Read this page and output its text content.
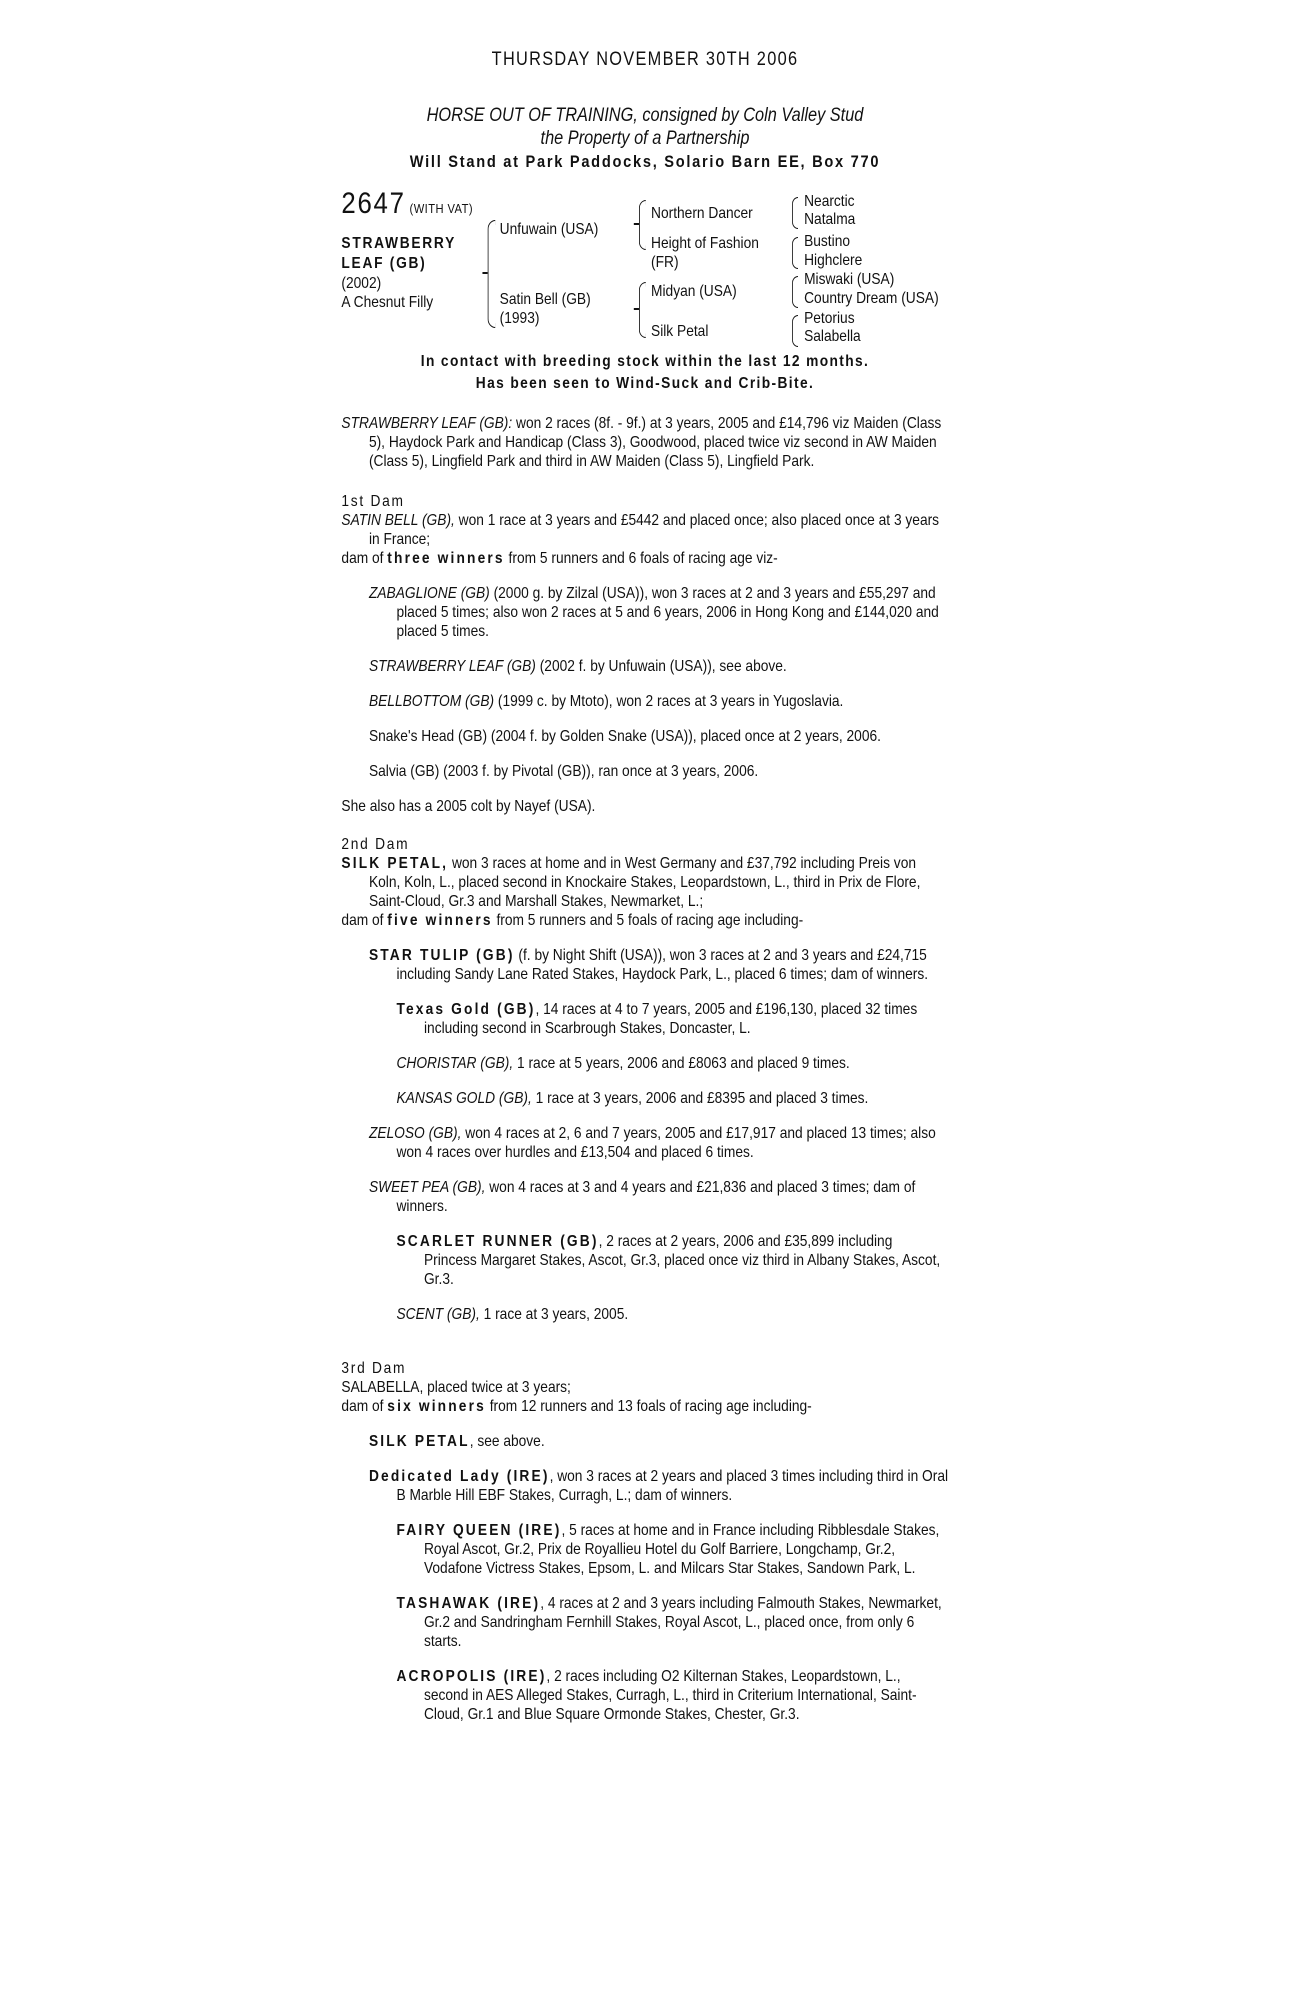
THURSDAY NOVEMBER 30TH 2006
HORSE OUT OF TRAINING, consigned by Coln Valley Stud
the Property of a Partnership
Will Stand at Park Paddocks, Solario Barn EE, Box 770
2647 (WITH VAT)
STRAWBERRY
LEAF (GB)
(2002)
A Chesnut Filly
Unfuwain (USA)
Satin Bell (GB)
(1993)
Northern Dancer
Height of Fashion
(FR)
Midyan (USA)
Silk Petal
Nearctic
Natalma
Bustino
Highclere
Miswaki (USA)
Country Dream (USA)
Petorius
Salabella
In contact with breeding stock within the last 12 months.
Has been seen to Wind-Suck and Crib-Bite.

STRAWBERRY LEAF (GB): won 2 races (8f. - 9f.) at 3 years, 2005 and £14,796 viz Maiden (Class 5), Haydock Park and Handicap (Class 3), Goodwood, placed twice viz second in AW Maiden (Class 5), Lingfield Park and third in AW Maiden (Class 5), Lingfield Park.

1st Dam

SATIN BELL (GB), won 1 race at 3 years and £5442 and placed once; also placed once at 3 years in France;

dam of three winners from 5 runners and 6 foals of racing age viz-

ZABAGLIONE (GB) (2000 g. by Zilzal (USA)), won 3 races at 2 and 3 years and £55,297 and placed 5 times; also won 2 races at 5 and 6 years, 2006 in Hong Kong and £144,020 and placed 5 times.

STRAWBERRY LEAF (GB) (2002 f. by Unfuwain (USA)), see above.

BELLBOTTOM (GB) (1999 c. by Mtoto), won 2 races at 3 years in Yugoslavia.

Snake's Head (GB) (2004 f. by Golden Snake (USA)), placed once at 2 years, 2006.

Salvia (GB) (2003 f. by Pivotal (GB)), ran once at 3 years, 2006.

She also has a 2005 colt by Nayef (USA).

2nd Dam

SILK PETAL, won 3 races at home and in West Germany and £37,792 including Preis von Koln, Koln, L., placed second in Knockaire Stakes, Leopardstown, L., third in Prix de Flore, Saint-Cloud, Gr.3 and Marshall Stakes, Newmarket, L.;

dam of five winners from 5 runners and 5 foals of racing age including-

STAR TULIP (GB) (f. by Night Shift (USA)), won 3 races at 2 and 3 years and £24,715 including Sandy Lane Rated Stakes, Haydock Park, L., placed 6 times; dam of winners.

Texas Gold (GB), 14 races at 4 to 7 years, 2005 and £196,130, placed 32 times including second in Scarbrough Stakes, Doncaster, L.

CHORISTAR (GB), 1 race at 5 years, 2006 and £8063 and placed 9 times.

KANSAS GOLD (GB), 1 race at 3 years, 2006 and £8395 and placed 3 times.

ZELOSO (GB), won 4 races at 2, 6 and 7 years, 2005 and £17,917 and placed 13 times; also won 4 races over hurdles and £13,504 and placed 6 times.

SWEET PEA (GB), won 4 races at 3 and 4 years and £21,836 and placed 3 times; dam of winners.

SCARLET RUNNER (GB), 2 races at 2 years, 2006 and £35,899 including Princess Margaret Stakes, Ascot, Gr.3, placed once viz third in Albany Stakes, Ascot, Gr.3.

SCENT (GB), 1 race at 3 years, 2005.

3rd Dam

SALABELLA, placed twice at 3 years;

dam of six winners from 12 runners and 13 foals of racing age including-

SILK PETAL, see above.

Dedicated Lady (IRE), won 3 races at 2 years and placed 3 times including third in Oral B Marble Hill EBF Stakes, Curragh, L.; dam of winners.

FAIRY QUEEN (IRE), 5 races at home and in France including Ribblesdale Stakes, Royal Ascot, Gr.2, Prix de Royallieu Hotel du Golf Barriere, Longchamp, Gr.2, Vodafone Victress Stakes, Epsom, L. and Milcars Star Stakes, Sandown Park, L.

TASHAWAK (IRE), 4 races at 2 and 3 years including Falmouth Stakes, Newmarket, Gr.2 and Sandringham Fernhill Stakes, Royal Ascot, L., placed once, from only 6 starts.

ACROPOLIS (IRE), 2 races including O2 Kilternan Stakes, Leopardstown, L., second in AES Alleged Stakes, Curragh, L., third in Criterium International, Saint-Cloud, Gr.1 and Blue Square Ormonde Stakes, Chester, Gr.3.
